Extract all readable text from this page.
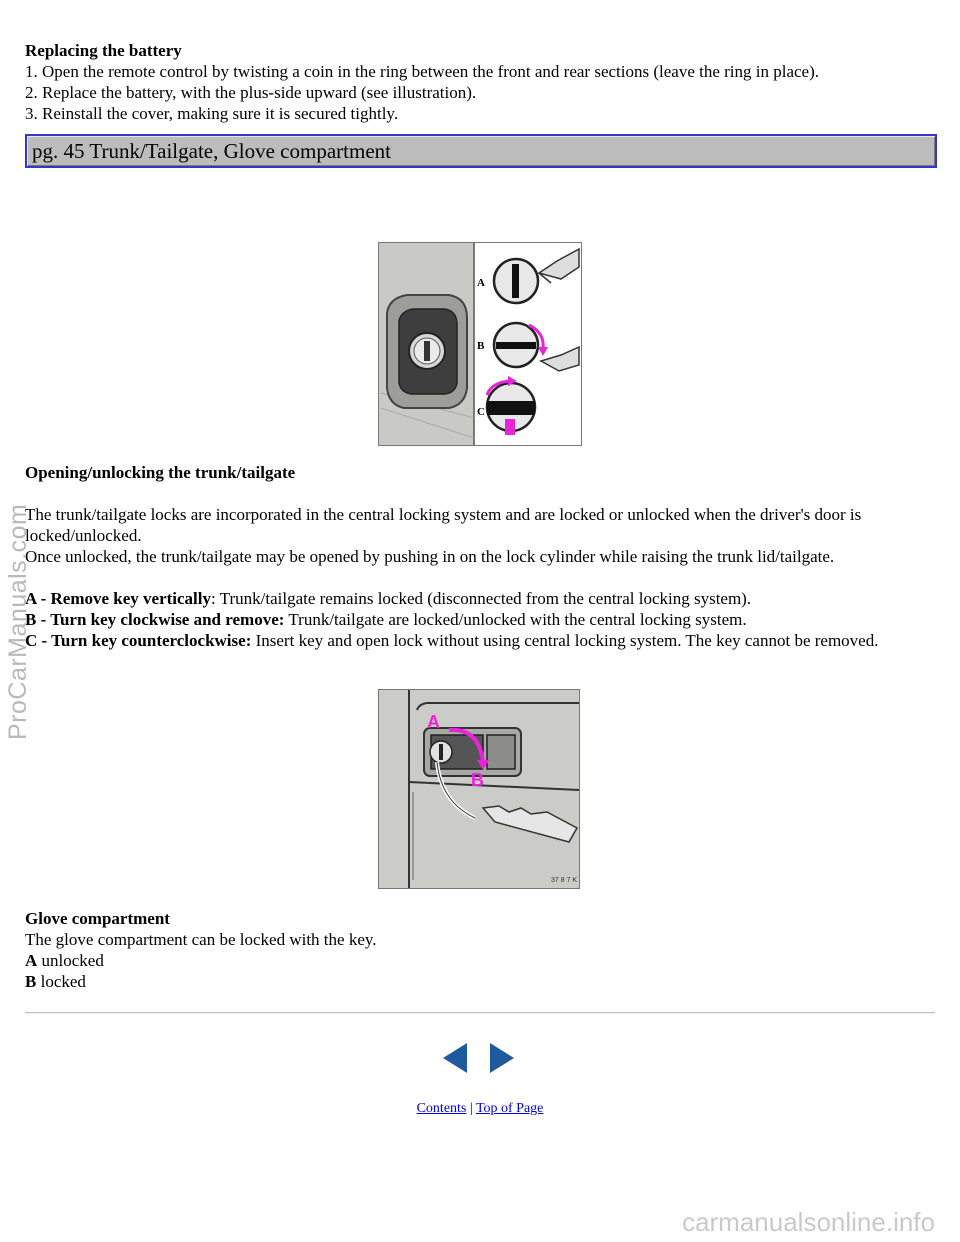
Replacing the battery

1. Open the remote control by twisting a coin in the ring between the front and rear sections (leave the ring in place).

2. Replace the battery, with the plus-side upward (see illustration).

3. Reinstall the cover, making sure it is secured tightly.

pg. 45 Trunk/Tailgate, Glove compartment
A
B
C

Opening/unlocking the trunk/tailgate

The trunk/tailgate locks are incorporated in the central locking system and are locked or unlocked when the driver's door is locked/unlocked.

Once unlocked, the trunk/tailgate may be opened by pushing in on the lock cylinder while raising the trunk lid/tailgate.

A - Remove key vertically: Trunk/tailgate remains locked (disconnected from the central locking system).

B - Turn key clockwise and remove: Trunk/tailgate are locked/unlocked with the central locking system.

C - Turn key counterclockwise: Insert key and open lock without using central locking system. The key cannot be removed.

A
B
37 8 7 K

Glove compartment

The glove compartment can be locked with the key.

A unlocked

B locked

Contents | Top of Page
ProCarManuals.com
carmanualsonline.info
